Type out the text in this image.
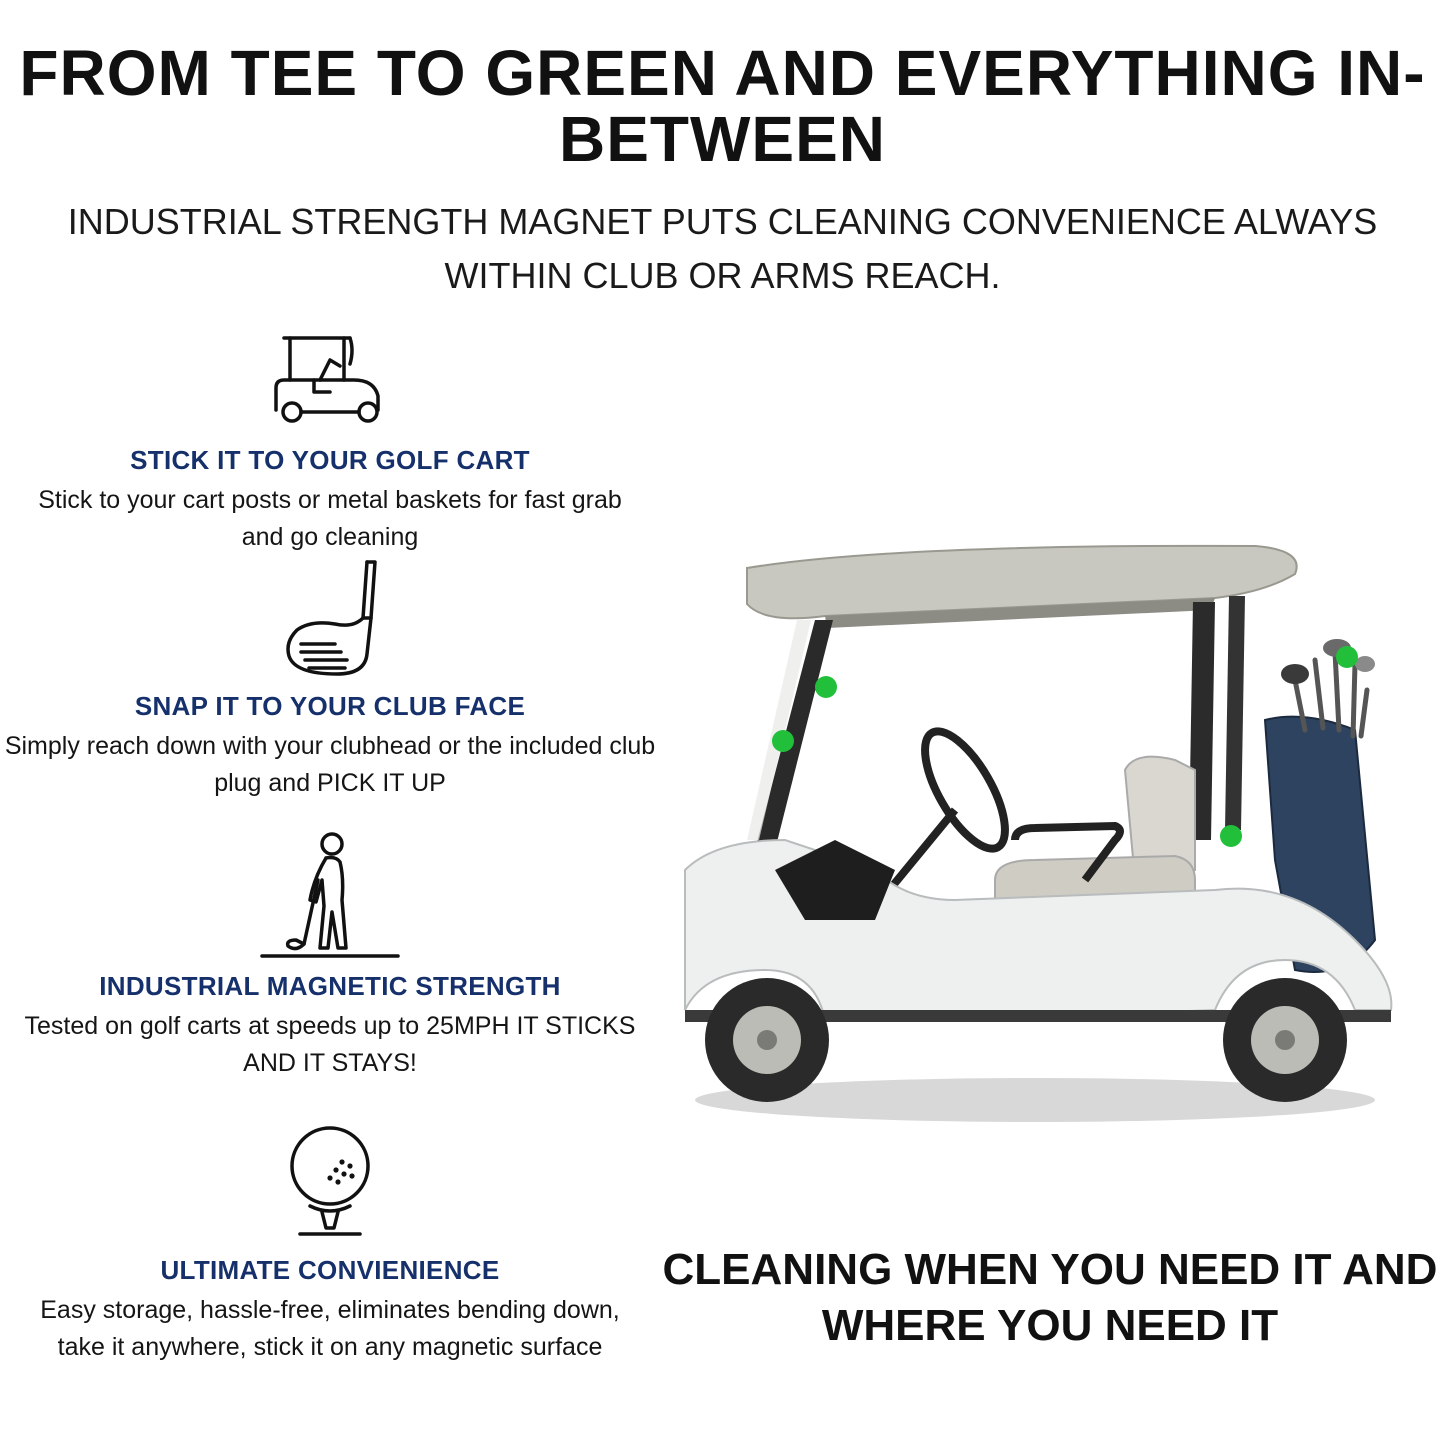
FROM TEE TO GREEN AND EVERYTHING IN-BETWEEN

INDUSTRIAL STRENGTH MAGNET PUTS CLEANING CONVENIENCE ALWAYS WITHIN CLUB OR ARMS REACH.

STICK IT TO YOUR GOLF CART

Stick to your cart posts or metal baskets for fast grab and go cleaning

SNAP IT TO YOUR CLUB FACE

Simply reach down with your clubhead or the included club plug and PICK IT UP

INDUSTRIAL MAGNETIC STRENGTH

Tested on golf carts at speeds up to 25MPH IT STICKS AND IT STAYS!

ULTIMATE CONVIENIENCE

Easy storage, hassle-free, eliminates bending down, take it anywhere, stick it on any magnetic surface

CLEANING WHEN YOU NEED IT AND WHERE YOU NEED IT
